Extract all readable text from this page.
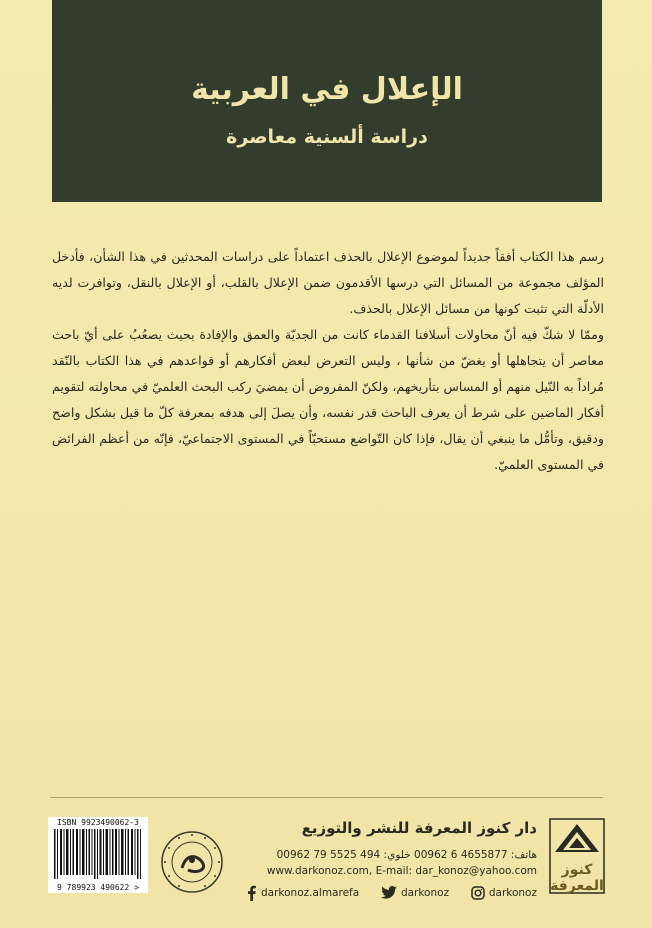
الإعلال في العربية
دراسة ألسنية معاصرة

رسم هذا الكتاب أفقاً جديداً لموضوع الإعلال بالحذف اعتماداً على دراسات المحدثين في هذا الشأن، فأدخل المؤلف مجموعة من المسائل التي درسها الأقدمون ضمن الإعلال بالقلب، أو الإعلال بالنقل، وتوافرت لديه الأدلّة التي تثبت كونها من مسائل الإعلال بالحذف.

وممّا لا شكّ فيه أنّ محاولات أسلافنا القدماء كانت من الجديّة والعمق والإفادة بحيث يصعُبُ على أيّ باحث معاصر أن يتجاهلها أو يغضّ من شأنها ، وليس التعرض لبعض أفكارهم أو قواعدهم في هذا الكتاب بالنّقد مُراداً به النّيل منهم أو المساس بتأريخهم، ولكنّ المفروض أن يمضيَ ركب البحث العلميّ في محاولته لتقويم أفكار الماضين على شرط أن يعرف الباحث قدر نفسه، وأن يصلَ إلى هدفه بمعرفة كلّ ما قيل بشكل واضح ودقيق، وتأمُّل ما ينبغي أن يقال، فإذا كان التّواضع مستحبّاً في المستوى الاجتماعيّ، فإنّه من أعظم الفرائض في المستوى العلميّ.

ISBN 9923490062-3
9 789923 490622 >
دار كنوز المعرفة للنشر والتوزيع
هاتف: 4655877 6 00962 خلوي: 494 5525 79 00962
www.darkonoz.com, E-mail: dar_konoz@yahoo.com
darkonoz.almarefa	darkonoz	darkonoz
كنوز المعرفة
